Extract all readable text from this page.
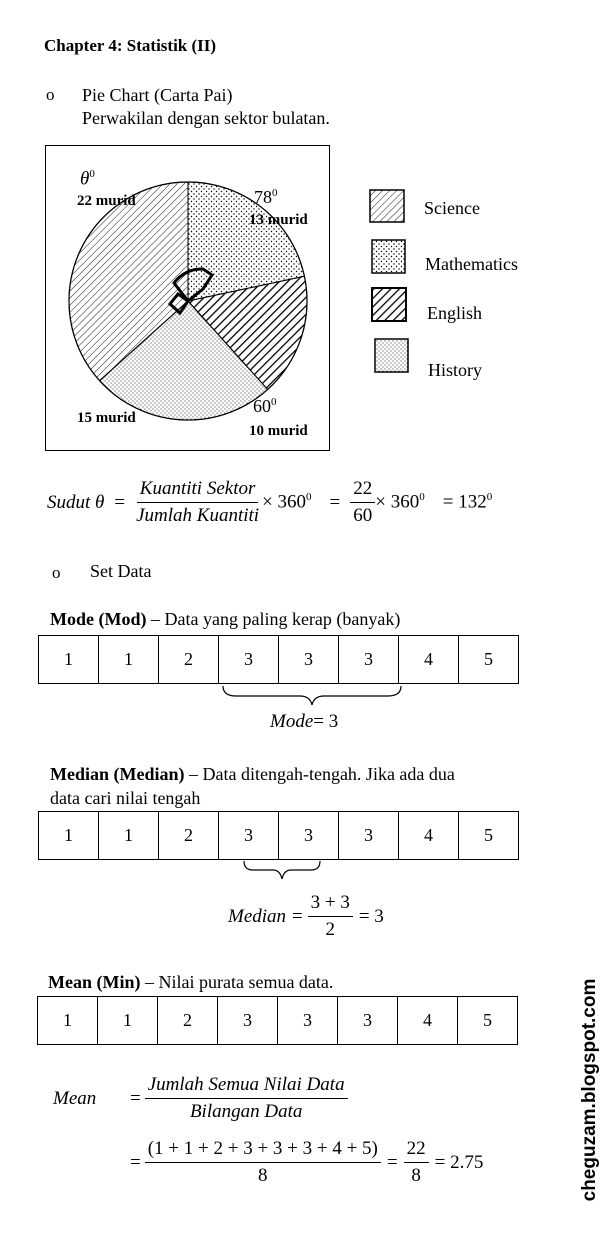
Chapter 4: Statistik (II)
o Pie Chart (Carta Pai)
Perwakilan dengan sektor bulatan.
$\theta^0$
22 murid	$78^0$
13 murid
$60^0$
10 murid
15 murid
Science
Mathematics
English
History
Sudut $\theta = \frac{\text{Kuantiti Sektor}}{\text{Jumlah Kuantiti}} \times 360^0 = \frac{22}{60} \times 360^0 = 132^0$
o Set Data
Mode (Mod) – Data yang paling kerap (banyak)
1	1	2	3	3	3	4	5
Mode= 3
Median (Median) – Data ditengah-tengah. Jika ada dua
data cari nilai tengah
1	1	2	3	3	3	4	5
Median = $\frac{3 + 3}{2} = 3$
Mean (Min) – Nilai purata semua data.
1	1	2	3	3	3	4	5
Mean = $\frac{\text{Jumlah Semua Nilai Data}}{\text{Bilangan Data}}$
= $\frac{(1 + 1 + 2 + 3 + 3 + 3 + 4 + 5)}{8} = \frac{22}{8} = 2.75$	cheguzam.blogspot.com
